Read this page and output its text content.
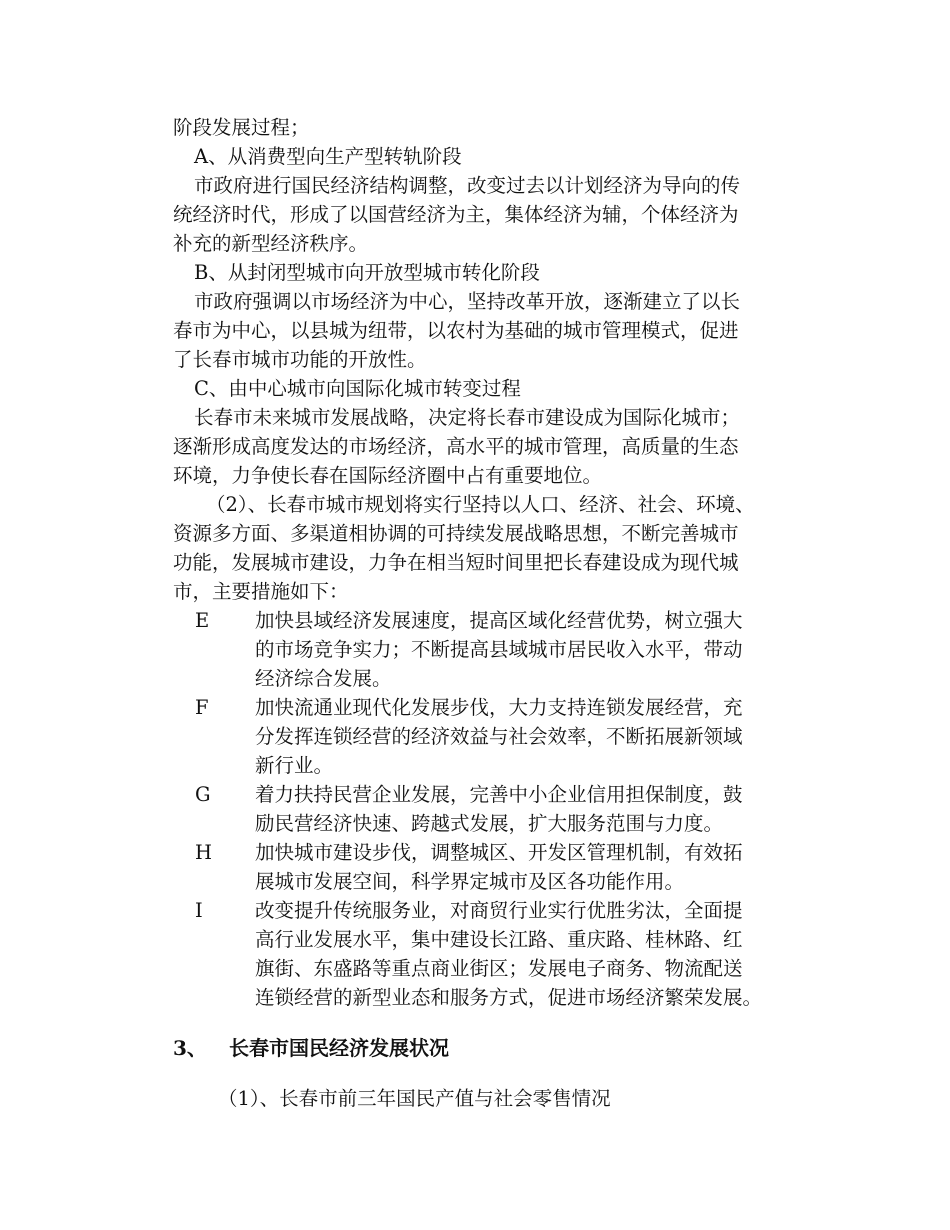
阶段发展过程；

A、从消费型向生产型转轨阶段

市政府进行国民经济结构调整，改变过去以计划经济为导向的传

统经济时代，形成了以国营经济为主，集体经济为辅，个体经济为

补充的新型经济秩序。

B、从封闭型城市向开放型城市转化阶段

市政府强调以市场经济为中心，坚持改革开放，逐渐建立了以长

春市为中心，以县城为纽带，以农村为基础的城市管理模式，促进

了长春市城市功能的开放性。

C、由中心城市向国际化城市转变过程

长春市未来城市发展战略，决定将长春市建设成为国际化城市；

逐渐形成高度发达的市场经济，高水平的城市管理，高质量的生态

环境，力争使长春在国际经济圈中占有重要地位。

（2）、长春市城市规划将实行坚持以人口、经济、社会、环境、

资源多方面、多渠道相协调的可持续发展战略思想，不断完善城市

功能，发展城市建设，力争在相当短时间里把长春建设成为现代城

市，主要措施如下：

E 加快县域经济发展速度，提高区域化经营优势，树立强大

的市场竞争实力；不断提高县域城市居民收入水平，带动

经济综合发展。

F 加快流通业现代化发展步伐，大力支持连锁发展经营，充

分发挥连锁经营的经济效益与社会效率，不断拓展新领域

新行业。

G 着力扶持民营企业发展，完善中小企业信用担保制度，鼓

励民营经济快速、跨越式发展，扩大服务范围与力度。

H 加快城市建设步伐，调整城区、开发区管理机制，有效拓

展城市发展空间，科学界定城市及区各功能作用。

I	改变提升传统服务业，对商贸行业实行优胜劣汰，全面提

高行业发展水平，集中建设长江路、重庆路、桂林路、红

旗街、东盛路等重点商业街区；发展电子商务、物流配送

连锁经营的新型业态和服务方式，促进市场经济繁荣发展。

3、	长春市国民经济发展状况

（1）、长春市前三年国民产值与社会零售情况
